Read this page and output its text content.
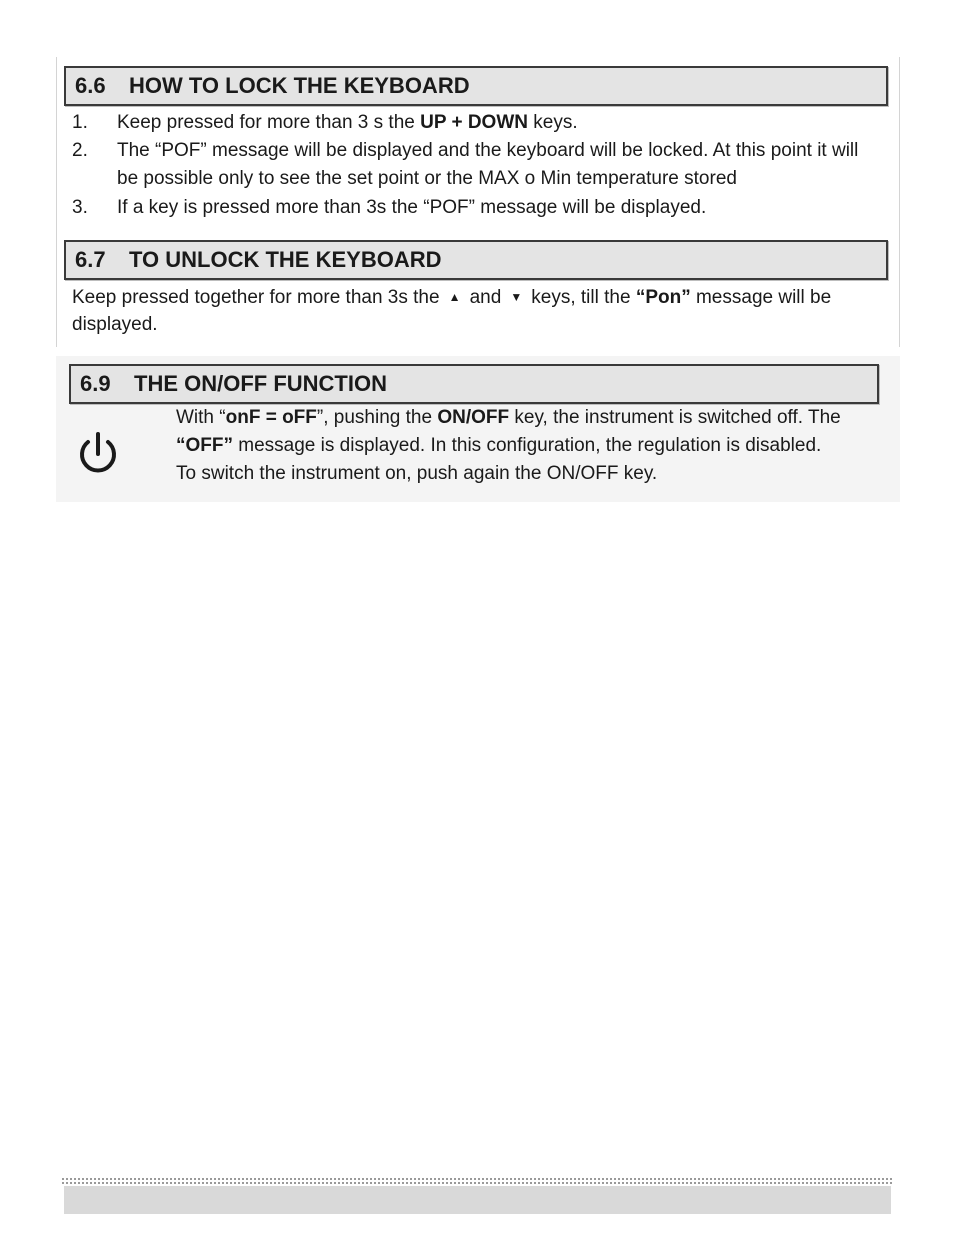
6.6 HOW TO LOCK THE KEYBOARD
1. Keep pressed for more than 3 s the UP + DOWN keys.
2. The “POF” message will be displayed and the keyboard will be locked. At this point it will
be possible only to see the set point or the MAX o Min temperature stored
3. If a key is pressed more than 3s the “POF” message will be displayed.
6.7 TO UNLOCK THE KEYBOARD
Keep pressed together for more than 3s the ▲ and ▼ keys, till the “Pon” message will be
displayed.
6.9 THE ON/OFF FUNCTION
With “onF = oFF”, pushing the ON/OFF key, the instrument is switched off. The
“OFF” message is displayed. In this configuration, the regulation is disabled.
To switch the instrument on, push again the ON/OFF key.
